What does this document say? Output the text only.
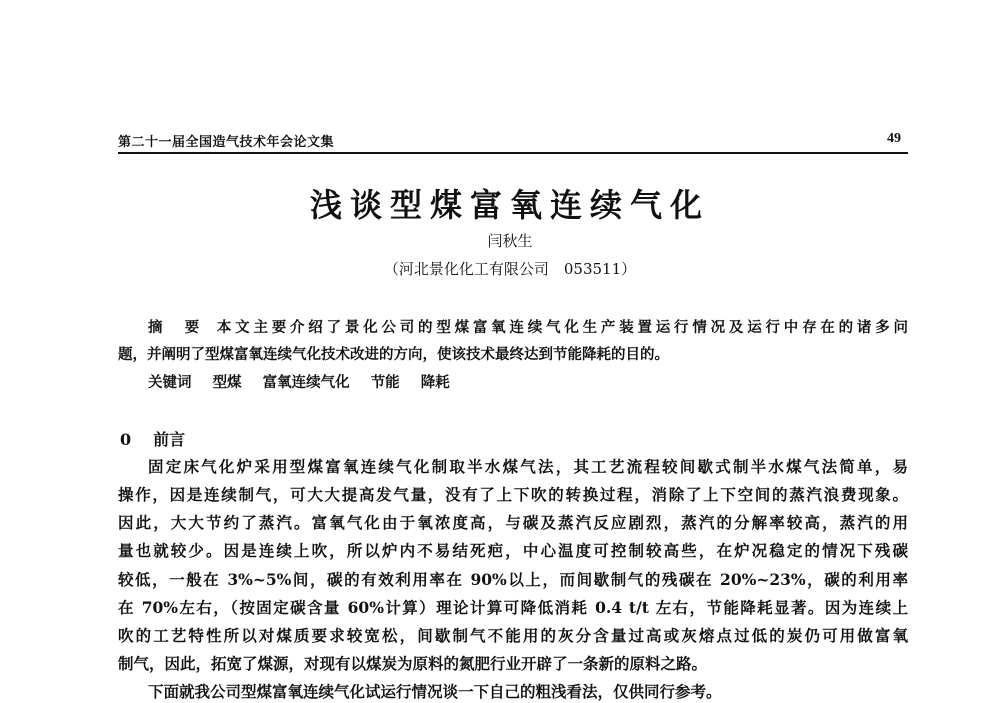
第二十一届全国造气技术年会论文集	49
浅谈型煤富氧连续气化
闫秋生
（河北景化化工有限公司　053511）
摘　要 本文主要介绍了景化公司的型煤富氧连续气化生产装置运行情况及运行中存在的诸多问
题，并阐明了型煤富氧连续气化技术改进的方向，使该技术最终达到节能降耗的目的。
关键词 型煤 富氧连续气化 节能 降耗
0 前言
固定床气化炉采用型煤富氧连续气化制取半水煤气法，其工艺流程较间歇式制半水煤气法简单，易
操作，因是连续制气，可大大提高发气量，没有了上下吹的转换过程，消除了上下空间的蒸汽浪费现象。
因此，大大节约了蒸汽。富氧气化由于氧浓度高，与碳及蒸汽反应剧烈，蒸汽的分解率较高，蒸汽的用
量也就较少。因是连续上吹，所以炉内不易结死疤，中心温度可控制较高些，在炉况稳定的情况下残碳
较低，一般在 3%~5%间，碳的有效利用率在 90%以上，而间歇制气的残碳在 20%~23%，碳的利用率
在 70%左右，（按固定碳含量 60%计算）理论计算可降低消耗 0.4 t/t 左右，节能降耗显著。因为连续上
吹的工艺特性所以对煤质要求较宽松，间歇制气不能用的灰分含量过高或灰熔点过低的炭仍可用做富氧
制气，因此，拓宽了煤源，对现有以煤炭为原料的氮肥行业开辟了一条新的原料之路。
下面就我公司型煤富氧连续气化试运行情况谈一下自己的粗浅看法，仅供同行参考。
